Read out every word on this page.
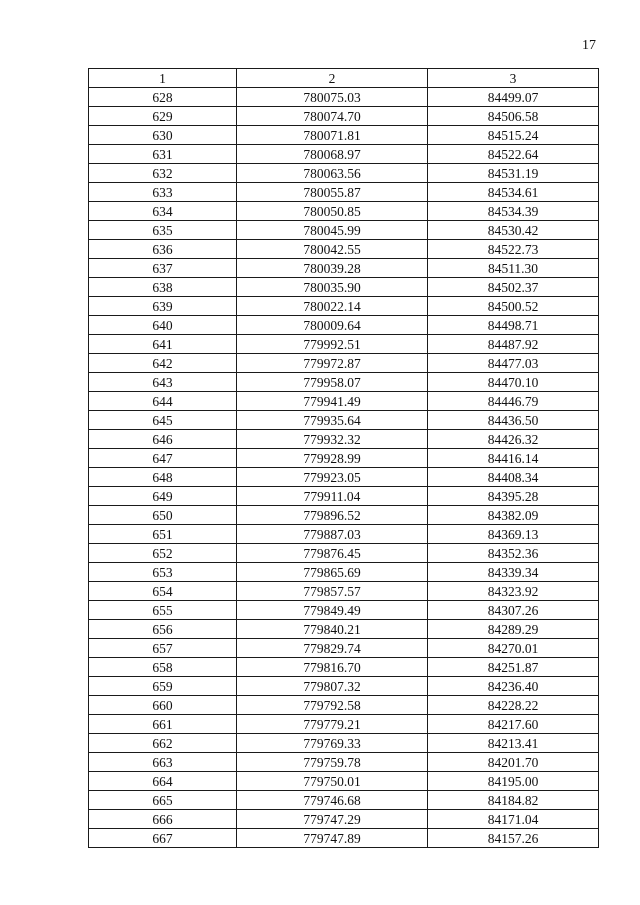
17
1	2	3
628	780075.03	84499.07
629	780074.70	84506.58
630	780071.81	84515.24
631	780068.97	84522.64
632	780063.56	84531.19
633	780055.87	84534.61
634	780050.85	84534.39
635	780045.99	84530.42
636	780042.55	84522.73
637	780039.28	84511.30
638	780035.90	84502.37
639	780022.14	84500.52
640	780009.64	84498.71
641	779992.51	84487.92
642	779972.87	84477.03
643	779958.07	84470.10
644	779941.49	84446.79
645	779935.64	84436.50
646	779932.32	84426.32
647	779928.99	84416.14
648	779923.05	84408.34
649	779911.04	84395.28
650	779896.52	84382.09
651	779887.03	84369.13
652	779876.45	84352.36
653	779865.69	84339.34
654	779857.57	84323.92
655	779849.49	84307.26
656	779840.21	84289.29
657	779829.74	84270.01
658	779816.70	84251.87
659	779807.32	84236.40
660	779792.58	84228.22
661	779779.21	84217.60
662	779769.33	84213.41
663	779759.78	84201.70
664	779750.01	84195.00
665	779746.68	84184.82
666	779747.29	84171.04
667	779747.89	84157.26
